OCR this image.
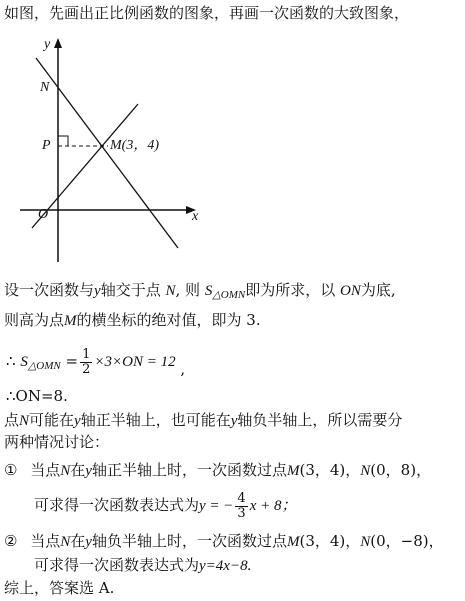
如图，先画出正比例函数的图象，再画一次函数的大致图象，
y
x
O
N
P	M(3，4)
设一次函数与y轴交于点 N, 则 $S_{\triangle OMN}$即为所求，以 ON为底,
则高为点M的横坐标的绝对值，即为 3.
∴ $S_{\triangle OMN} = \frac{1}{2} \times 3\times ON = 12$ ,
∴ON=8.
点N可能在y轴正半轴上，也可能在y轴负半轴上，所以需要分
两种情况讨论：
① 当点N在y轴正半轴上时，一次函数过点M(3，4)，N(0，8)，
可求得一次函数表达式为y = − $\frac{4}{3}$ x + 8；
② 当点N在y轴负半轴上时，一次函数过点M(3，4)，N(0，−8)，
可求得一次函数表达式为y=4x−8.
综上，答案选 A.
